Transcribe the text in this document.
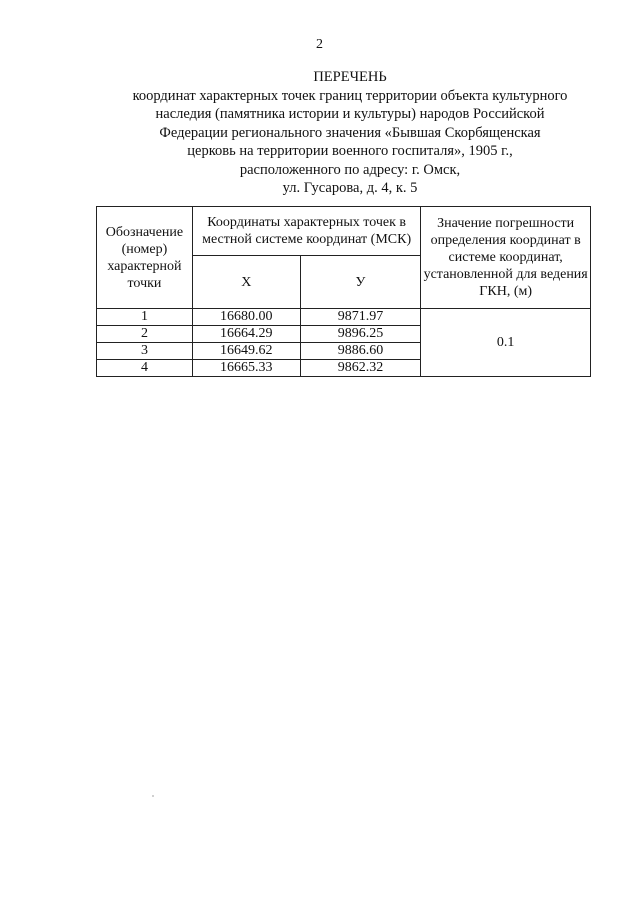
2
ПЕРЕЧЕНЬ
координат характерных точек границ территории объекта культурного
наследия (памятника истории и культуры) народов Российской
Федерации регионального значения «Бывшая Скорбященская
церковь на территории военного госпиталя», 1905 г.,
расположенного по адресу: г. Омск,
ул. Гусарова, д. 4, к. 5
Обозначение (номер) характерной точки	Координаты характерных точек в местной системе координат (МСК)		Значение погрешности определения координат в системе координат, установленной для ведения ГКН, (м)
	Х	У	
1	16680.00	9871.97	0.1
2	16664.29	9896.25	
3	16649.62	9886.60	
4	16665.33	9862.32	
